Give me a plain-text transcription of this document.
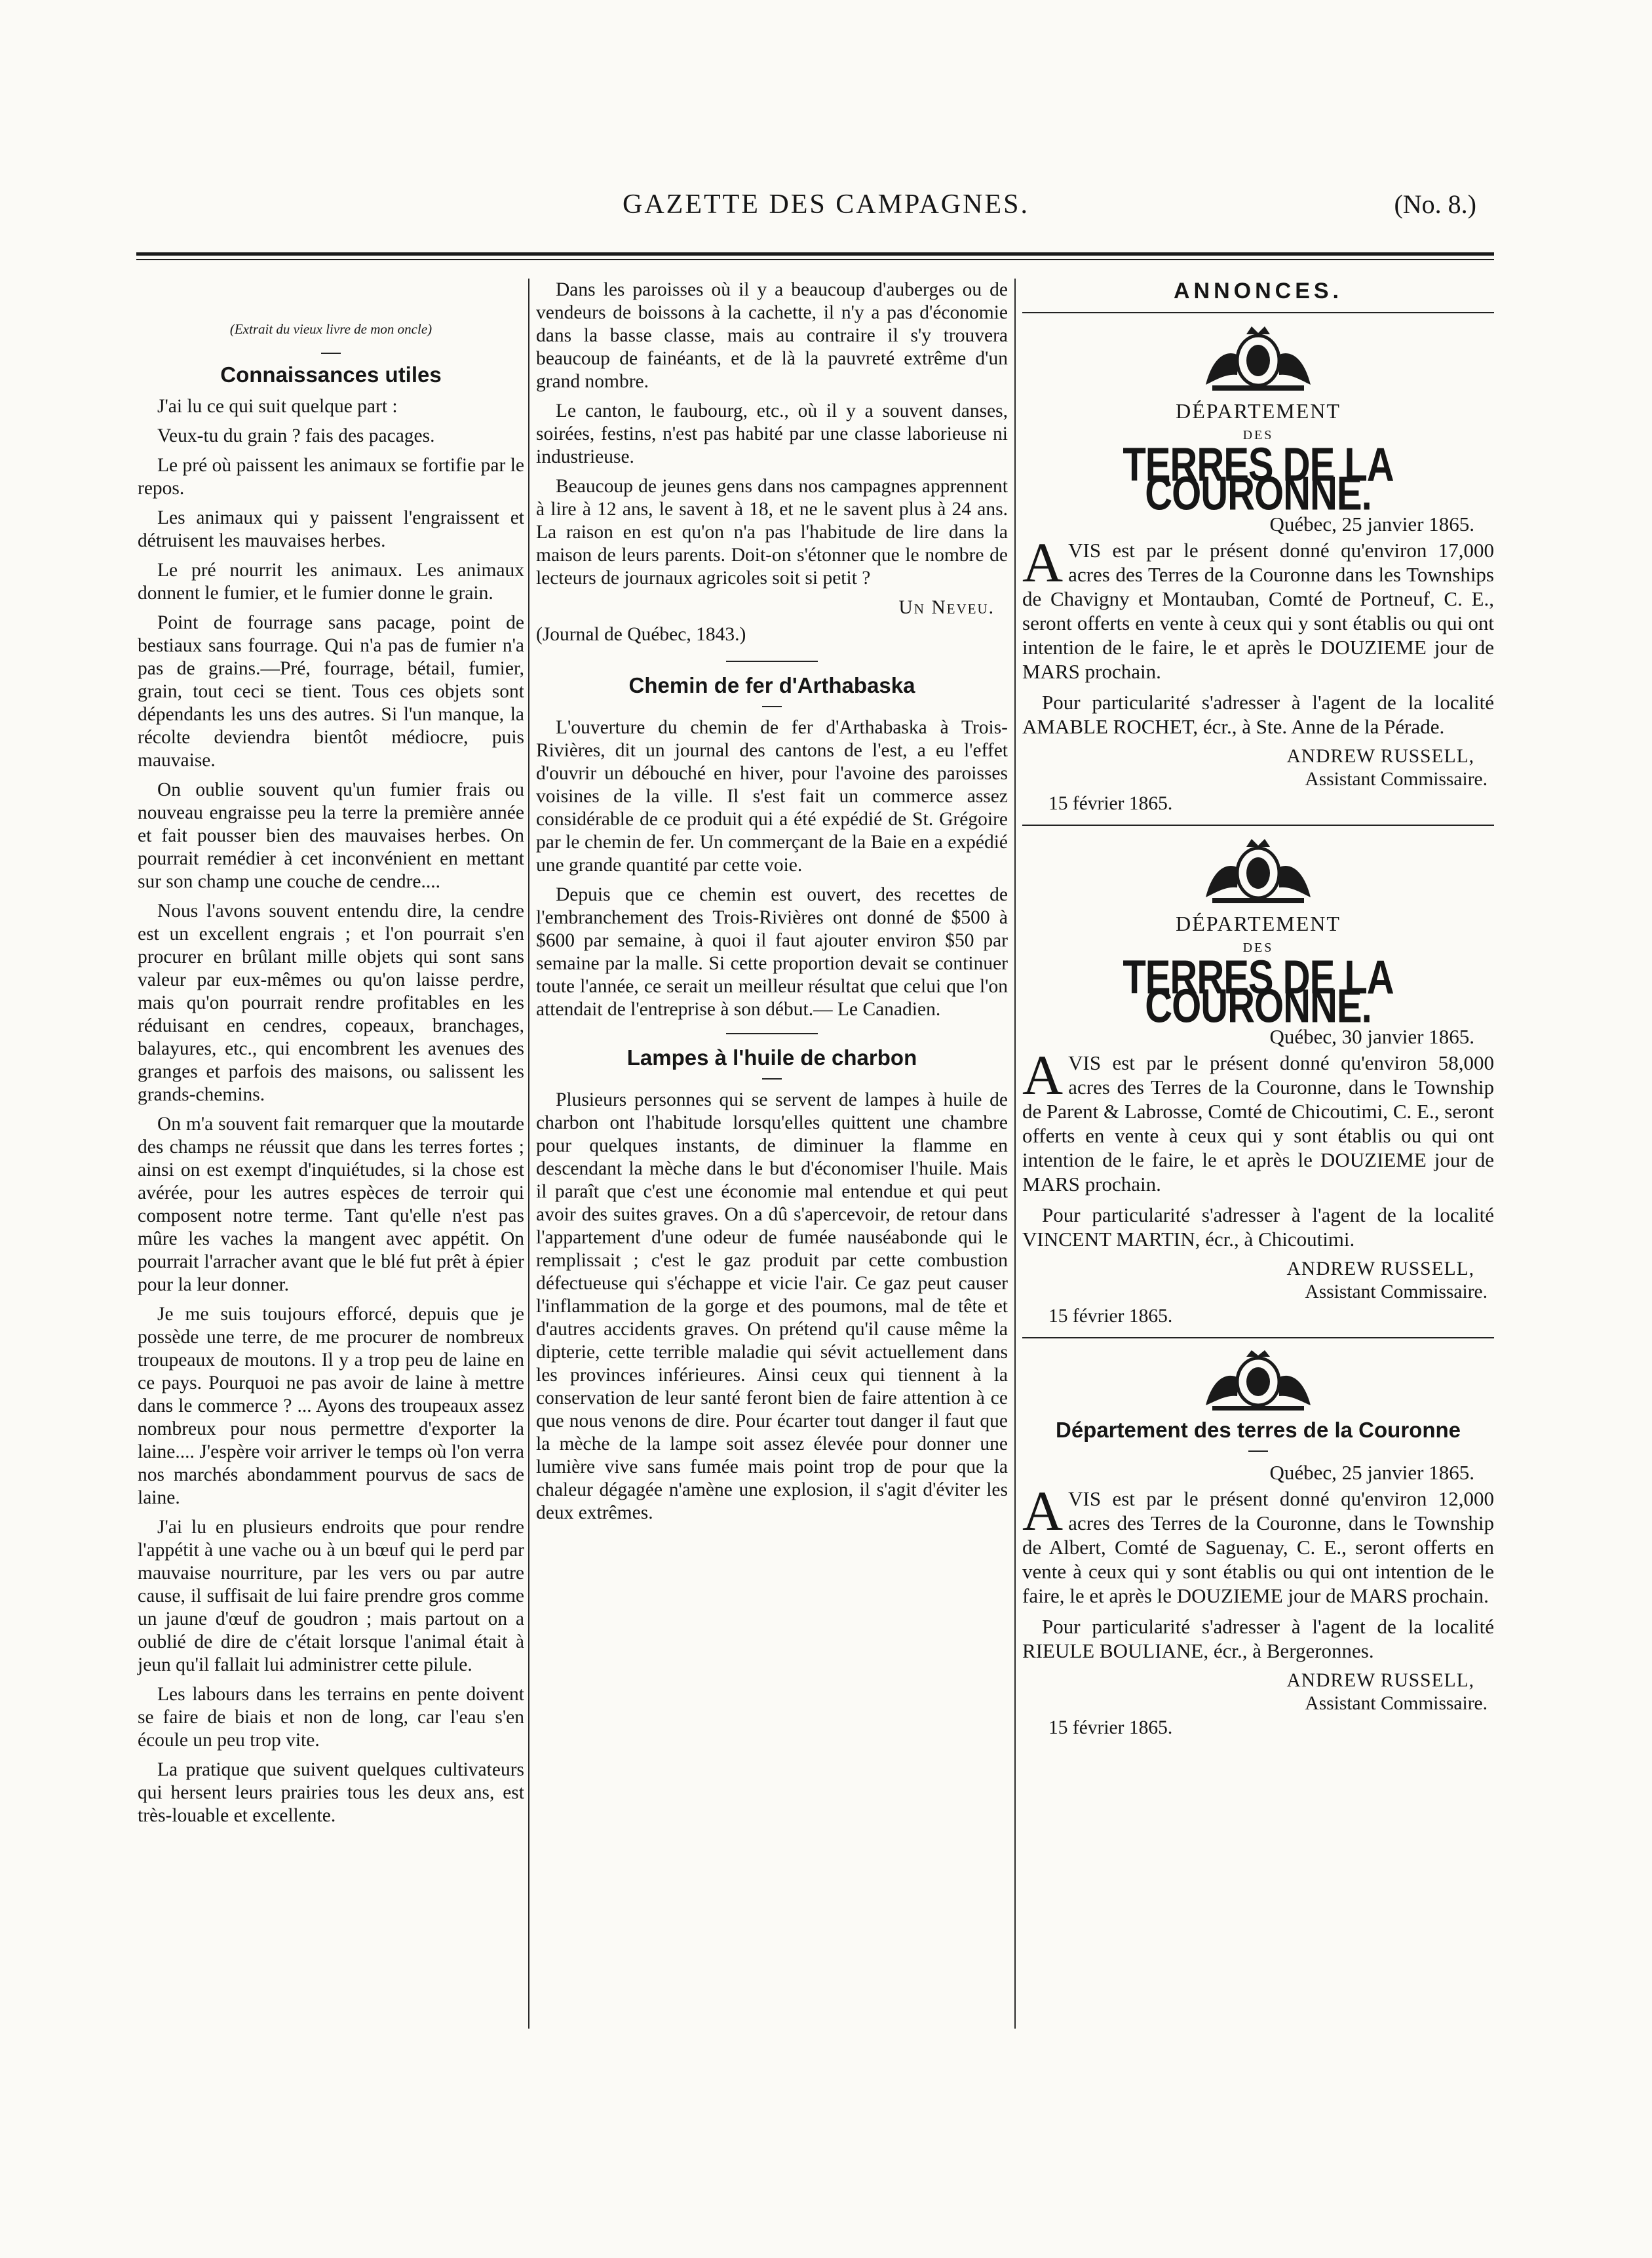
GAZETTE DES CAMPAGNES.	(No. 8.)
(Extrait du vieux livre de mon oncle)
Connaissances utiles

J'ai lu ce qui suit quelque part :

Veux-tu du grain ? fais des pacages.

Le pré où paissent les animaux se fortifie par le repos.

Les animaux qui y paissent l'engraissent et détruisent les mauvaises herbes.

Le pré nourrit les animaux. Les animaux donnent le fumier, et le fumier donne le grain.

Point de fourrage sans pacage, point de bestiaux sans fourrage. Qui n'a pas de fumier n'a pas de grains.—Pré, fourrage, bétail, fumier, grain, tout ceci se tient. Tous ces objets sont dépendants les uns des autres. Si l'un manque, la récolte deviendra bientôt médiocre, puis mauvaise.

On oublie souvent qu'un fumier frais ou nouveau engraisse peu la terre la première année et fait pousser bien des mauvaises herbes. On pourrait remédier à cet inconvénient en mettant sur son champ une couche de cendre....

Nous l'avons souvent entendu dire, la cendre est un excellent engrais ; et l'on pourrait s'en procurer en brûlant mille objets qui sont sans valeur par eux-mêmes ou qu'on laisse perdre, mais qu'on pourrait rendre profitables en les réduisant en cendres, copeaux, branchages, balayures, etc., qui encombrent les avenues des granges et parfois des maisons, ou salissent les grands-chemins.

On m'a souvent fait remarquer que la moutarde des champs ne réussit que dans les terres fortes ; ainsi on est exempt d'inquiétudes, si la chose est avérée, pour les autres espèces de terroir qui composent notre terme. Tant qu'elle n'est pas mûre les vaches la mangent avec appétit. On pourrait l'arracher avant que le blé fut prêt à épier pour la leur donner.

Je me suis toujours efforcé, depuis que je possède une terre, de me procurer de nombreux troupeaux de moutons. Il y a trop peu de laine en ce pays. Pourquoi ne pas avoir de laine à mettre dans le commerce ? ... Ayons des troupeaux assez nombreux pour nous permettre d'exporter la laine.... J'espère voir arriver le temps où l'on verra nos marchés abondamment pourvus de sacs de laine.

J'ai lu en plusieurs endroits que pour rendre l'appétit à une vache ou à un bœuf qui le perd par mauvaise nourriture, par les vers ou par autre cause, il suffisait de lui faire prendre gros comme un jaune d'œuf de goudron ; mais partout on a oublié de dire de c'était lorsque l'animal était à jeun qu'il fallait lui administrer cette pilule.

Les labours dans les terrains en pente doivent se faire de biais et non de long, car l'eau s'en écoule un peu trop vite.

La pratique que suivent quelques cultivateurs qui hersent leurs prairies tous les deux ans, est très-louable et excellente.

Dans les paroisses où il y a beaucoup d'auberges ou de vendeurs de boissons à la cachette, il n'y a pas d'économie dans la basse classe, mais au contraire il s'y trouvera beaucoup de fainéants, et de là la pauvreté extrême d'un grand nombre.

Le canton, le faubourg, etc., où il y a souvent danses, soirées, festins, n'est pas habité par une classe laborieuse ni industrieuse.

Beaucoup de jeunes gens dans nos campagnes apprennent à lire à 12 ans, le savent à 18, et ne le savent plus à 24 ans. La raison en est qu'on n'a pas l'habitude de lire dans la maison de leurs parents. Doit-on s'étonner que le nombre de lecteurs de journaux agricoles soit si petit ?

Un Neveu.
(Journal de Québec, 1843.)
Chemin de fer d'Arthabaska

L'ouverture du chemin de fer d'Arthabaska à Trois-Rivières, dit un journal des cantons de l'est, a eu l'effet d'ouvrir un débouché en hiver, pour l'avoine des paroisses voisines de la ville. Il s'est fait un commerce assez considérable de ce produit qui a été expédié de St. Grégoire par le chemin de fer. Un commerçant de la Baie en a expédié une grande quantité par cette voie.

Depuis que ce chemin est ouvert, des recettes de l'embranchement des Trois-Rivières ont donné de $500 à $600 par semaine, à quoi il faut ajouter environ $50 par semaine par la malle. Si cette proportion devait se continuer toute l'année, ce serait un meilleur résultat que celui que l'on attendait de l'entreprise à son début.— Le Canadien.

Lampes à l'huile de charbon

Plusieurs personnes qui se servent de lampes à huile de charbon ont l'habitude lorsqu'elles quittent une chambre pour quelques instants, de diminuer la flamme en descendant la mèche dans le but d'économiser l'huile. Mais il paraît que c'est une économie mal entendue et qui peut avoir des suites graves. On a dû s'apercevoir, de retour dans l'appartement d'une odeur de fumée nauséabonde qui le remplissait ; c'est le gaz produit par cette combustion défectueuse qui s'échappe et vicie l'air. Ce gaz peut causer l'inflammation de la gorge et des poumons, mal de tête et d'autres accidents graves. On prétend qu'il cause même la dipterie, cette terrible maladie qui sévit actuellement dans les provinces inférieures. Ainsi ceux qui tiennent à la conservation de leur santé feront bien de faire attention à ce que nous venons de dire. Pour écarter tout danger il faut que la mèche de la lampe soit assez élevée pour donner une lumière vive sans fumée mais point trop de pour que la chaleur dégagée n'amène une explosion, il s'agit d'éviter les deux extrêmes.

ANNONCES.
DÉPARTEMENT
DES
TERRES DE LA COURONNE.
Québec, 25 janvier 1865.

AVIS est par le présent donné qu'environ 17,000 acres des Terres de la Couronne dans les Townships de Chavigny et Montauban, Comté de Portneuf, C. E., seront offerts en vente à ceux qui y sont établis ou qui ont intention de le faire, le et après le DOUZIEME jour de MARS prochain.

Pour particularité s'adresser à l'agent de la localité AMABLE ROCHET, écr., à Ste. Anne de la Pérade.

ANDREW RUSSELL,
Assistant Commissaire.
15 février 1865.
DÉPARTEMENT
DES
TERRES DE LA COURONNE.
Québec, 30 janvier 1865.

AVIS est par le présent donné qu'environ 58,000 acres des Terres de la Couronne, dans le Township de Parent & Labrosse, Comté de Chicoutimi, C. E., seront offerts en vente à ceux qui y sont établis ou qui ont intention de le faire, le et après le DOUZIEME jour de MARS prochain.

Pour particularité s'adresser à l'agent de la localité VINCENT MARTIN, écr., à Chicoutimi.

ANDREW RUSSELL,
Assistant Commissaire.
15 février 1865.
Département des terres de la Couronne
Québec, 25 janvier 1865.

AVIS est par le présent donné qu'environ 12,000 acres des Terres de la Couronne, dans le Township de Albert, Comté de Saguenay, C. E., seront offerts en vente à ceux qui y sont établis ou qui ont intention de le faire, le et après le DOUZIEME jour de MARS prochain.

Pour particularité s'adresser à l'agent de la localité RIEULE BOULIANE, écr., à Bergeronnes.

ANDREW RUSSELL,
Assistant Commissaire.
15 février 1865.
